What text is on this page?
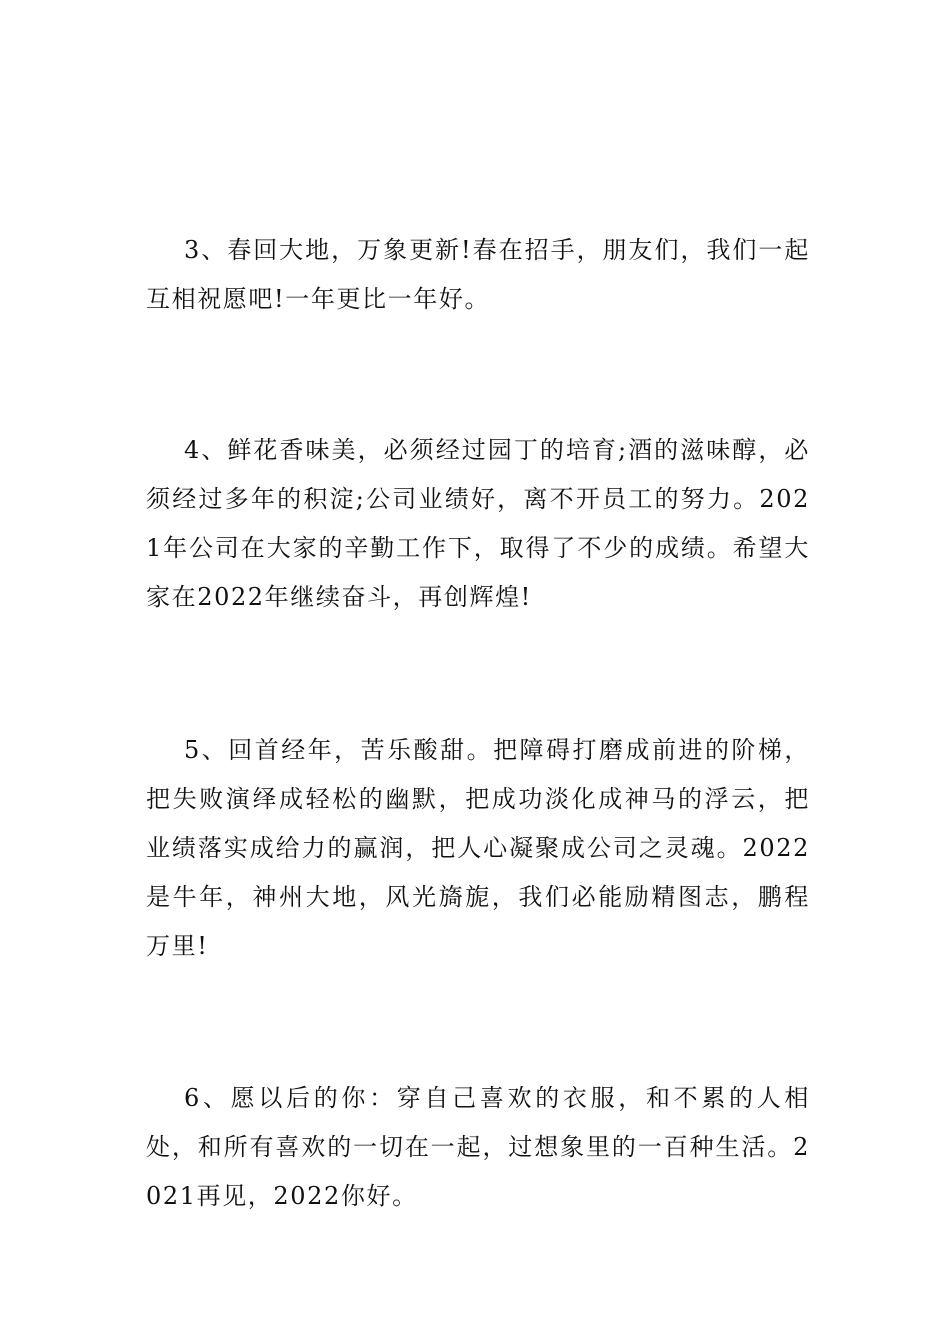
3、春回大地，万象更新!春在招手，朋友们，我们一起互相祝愿吧!一年更比一年好。

4、鲜花香味美，必须经过园丁的培育;酒的滋味醇，必须经过多年的积淀;公司业绩好，离不开员工的努力。2021年公司在大家的辛勤工作下，取得了不少的成绩。希望大家在2022年继续奋斗，再创辉煌!

5、回首经年，苦乐酸甜。把障碍打磨成前进的阶梯，把失败演绎成轻松的幽默，把成功淡化成神马的浮云，把业绩落实成给力的赢润，把人心凝聚成公司之灵魂。2022是牛年，神州大地，风光旖旎，我们必能励精图志，鹏程万里!

6、愿以后的你：穿自己喜欢的衣服，和不累的人相处，和所有喜欢的一切在一起，过想象里的一百种生活。2021再见，2022你好。
